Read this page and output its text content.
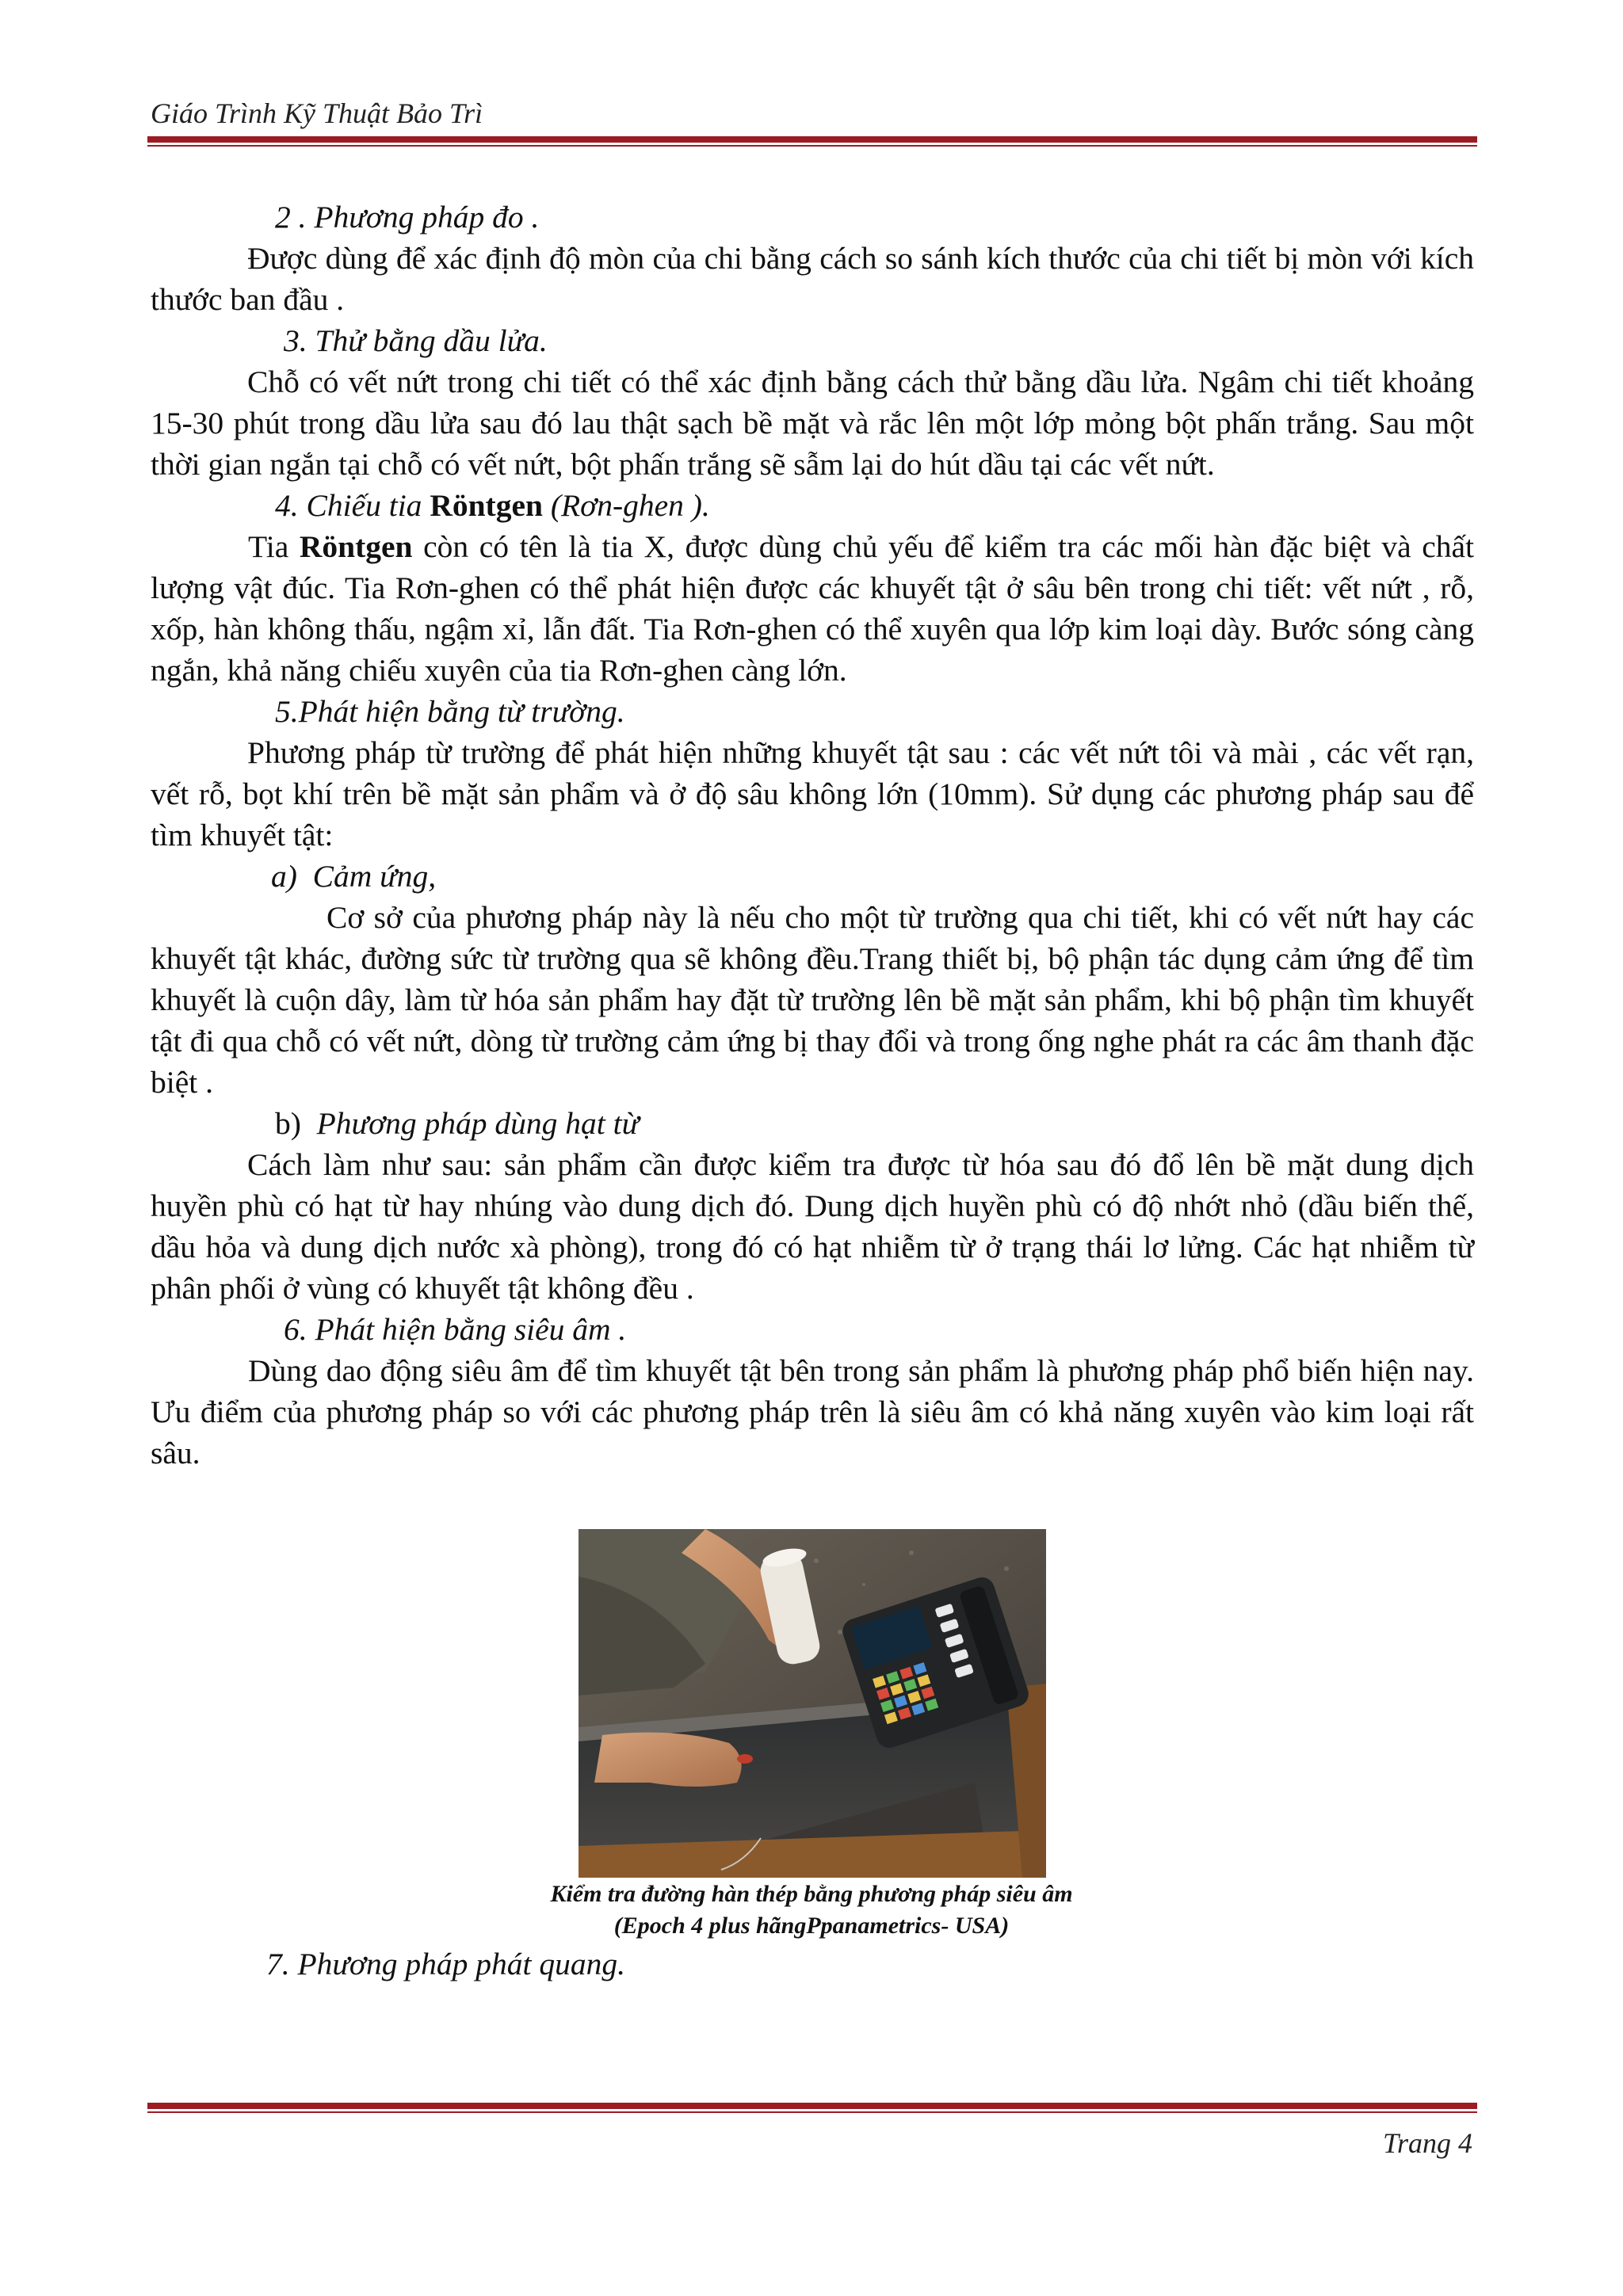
Giáo Trình Kỹ Thuật Bảo Trì

2 . Phương pháp đo .

Được dùng để xác định độ mòn của chi bằng cách so sánh kích thước của chi tiết bị mòn với kích thước ban đầu .

3. Thử bằng dầu lửa.

Chỗ có vết nứt trong chi tiết có thể xác định bằng cách thử bằng dầu lửa. Ngâm chi tiết khoảng 15-30 phút trong dầu lửa sau đó lau thật sạch bề mặt và rắc lên một lớp mỏng bột phấn trắng. Sau một thời gian ngắn tại chỗ có vết nứt, bột phấn trắng sẽ sẫm lại do hút dầu tại các vết nứt.

4. Chiếu tia Röntgen (Rơn-ghen ).

Tia Röntgen còn có tên là tia X, được dùng chủ yếu để kiểm tra các mối hàn đặc biệt và chất lượng vật đúc. Tia Rơn-ghen có thể phát hiện được các khuyết tật ở sâu bên trong chi tiết: vết nứt , rỗ, xốp, hàn không thấu, ngậm xỉ, lẫn đất. Tia Rơn-ghen có thể xuyên qua lớp kim loại dày. Bước sóng càng ngắn, khả năng chiếu xuyên của tia Rơn-ghen càng lớn.

5.Phát hiện bằng từ trường.

Phương pháp từ trường để phát hiện những khuyết tật sau : các vết nứt tôi và mài , các vết rạn, vết rỗ, bọt khí trên bề mặt sản phẩm và ở độ sâu không lớn (10mm). Sử dụng các phương pháp sau để tìm khuyết tật:

a) Cảm ứng,

Cơ sở của phương pháp này là nếu cho một từ trường qua chi tiết, khi có vết nứt hay các khuyết tật khác, đường sức từ trường qua sẽ không đều.Trang thiết bị, bộ phận tác dụng cảm ứng để tìm khuyết là cuộn dây, làm từ hóa sản phẩm hay đặt từ trường lên bề mặt sản phẩm, khi bộ phận tìm khuyết tật đi qua chỗ có vết nứt, dòng từ trường cảm ứng bị thay đổi và trong ống nghe phát ra các âm thanh đặc biệt .

b) Phương pháp dùng hạt từ

Cách làm như sau: sản phẩm cần được kiểm tra được từ hóa sau đó đổ lên bề mặt dung dịch huyền phù có hạt từ hay nhúng vào dung dịch đó. Dung dịch huyền phù có độ nhớt nhỏ (dầu biến thế, dầu hỏa và dung dịch nước xà phòng), trong đó có hạt nhiễm từ ở trạng thái lơ lửng. Các hạt nhiễm từ phân phối ở vùng có khuyết tật không đều .

6. Phát hiện bằng siêu âm .

Dùng dao động siêu âm để tìm khuyết tật bên trong sản phẩm là phương pháp phổ biến hiện nay. Ưu điểm của phương pháp so với các phương pháp trên là siêu âm có khả năng xuyên vào kim loại rất sâu.

Kiểm tra đường hàn thép bằng phương pháp siêu âm
(Epoch 4 plus hãngPpanametrics- USA)
7. Phương pháp phát quang.
Trang 4
